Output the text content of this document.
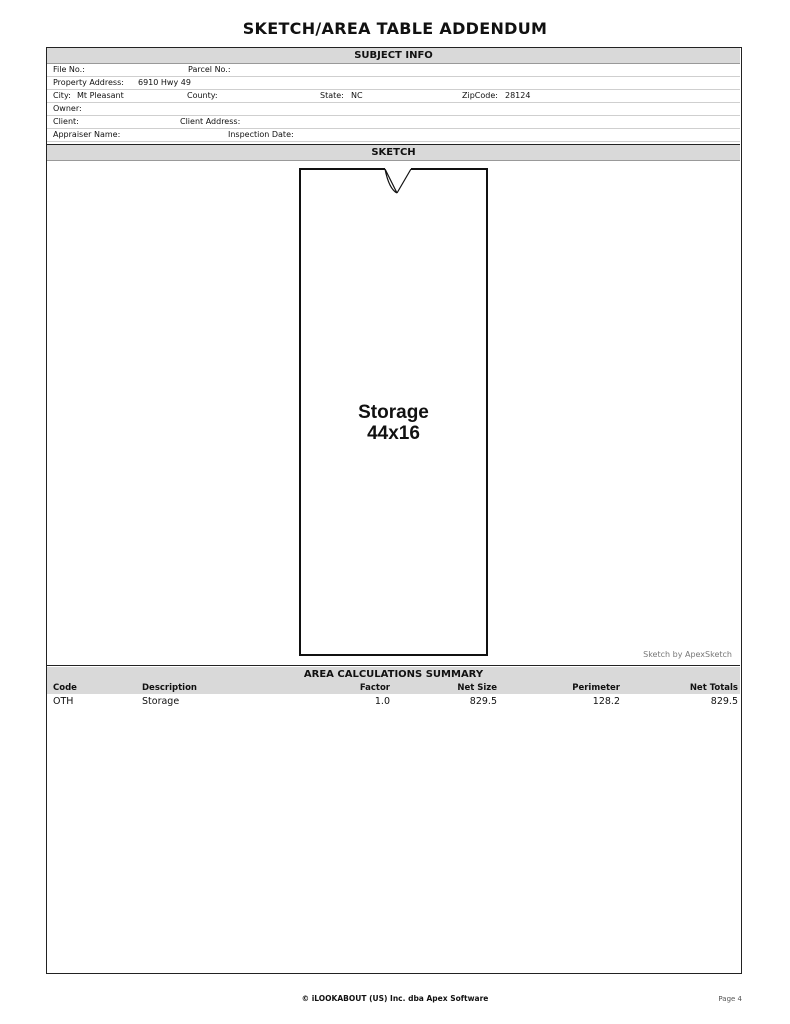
SKETCH/AREA TABLE ADDENDUM
SUBJECT INFO
File No.:	Parcel No.:
Property Address: 6910 Hwy 49
City: Mt Pleasant	County:	State: NC	ZipCode: 28124
Owner:
Client:	Client Address:
Appraiser Name:	Inspection Date:
SKETCH
Storage
44x16
Sketch by ApexSketch
AREA CALCULATIONS SUMMARY
Code	Description	Factor	Net Size	Perimeter	Net Totals
OTH	Storage	1.0	829.5	128.2	829.5
© iLOOKABOUT (US) Inc. dba Apex Software	Page 4
